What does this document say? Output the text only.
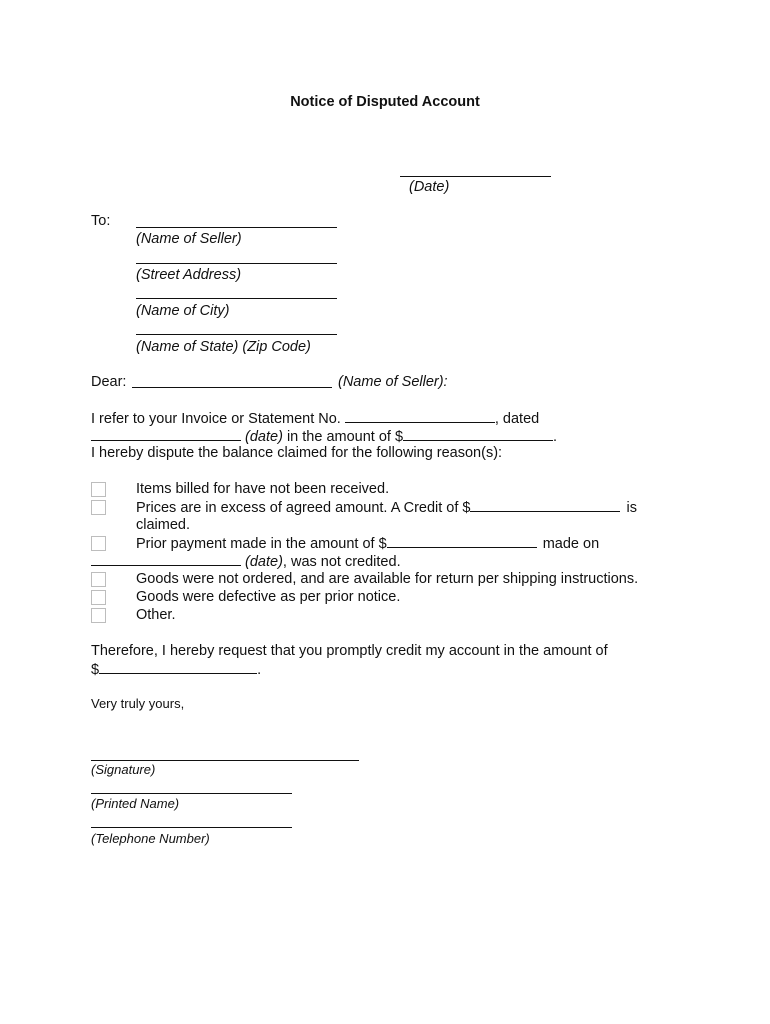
Notice of Disputed Account
(Date)
To:
(Name of Seller)
(Street Address)
(Name of City)
(Name of State) (Zip Code)
Dear:	(Name of Seller):
I refer to your Invoice or Statement No.	, dated
(date) in the amount of $	.
I hereby dispute the balance claimed for the following reason(s):
Items billed for have not been received.
Prices are in excess of agreed amount. A Credit of $	is
claimed.
Prior payment made in the amount of $	made on
(date), was not credited.
Goods were not ordered, and are available for return per shipping instructions.
Goods were defective as per prior notice.
Other.
Therefore, I hereby request that you promptly credit my account in the amount of
$	.
Very truly yours,
(Signature)
(Printed Name)
(Telephone Number)
